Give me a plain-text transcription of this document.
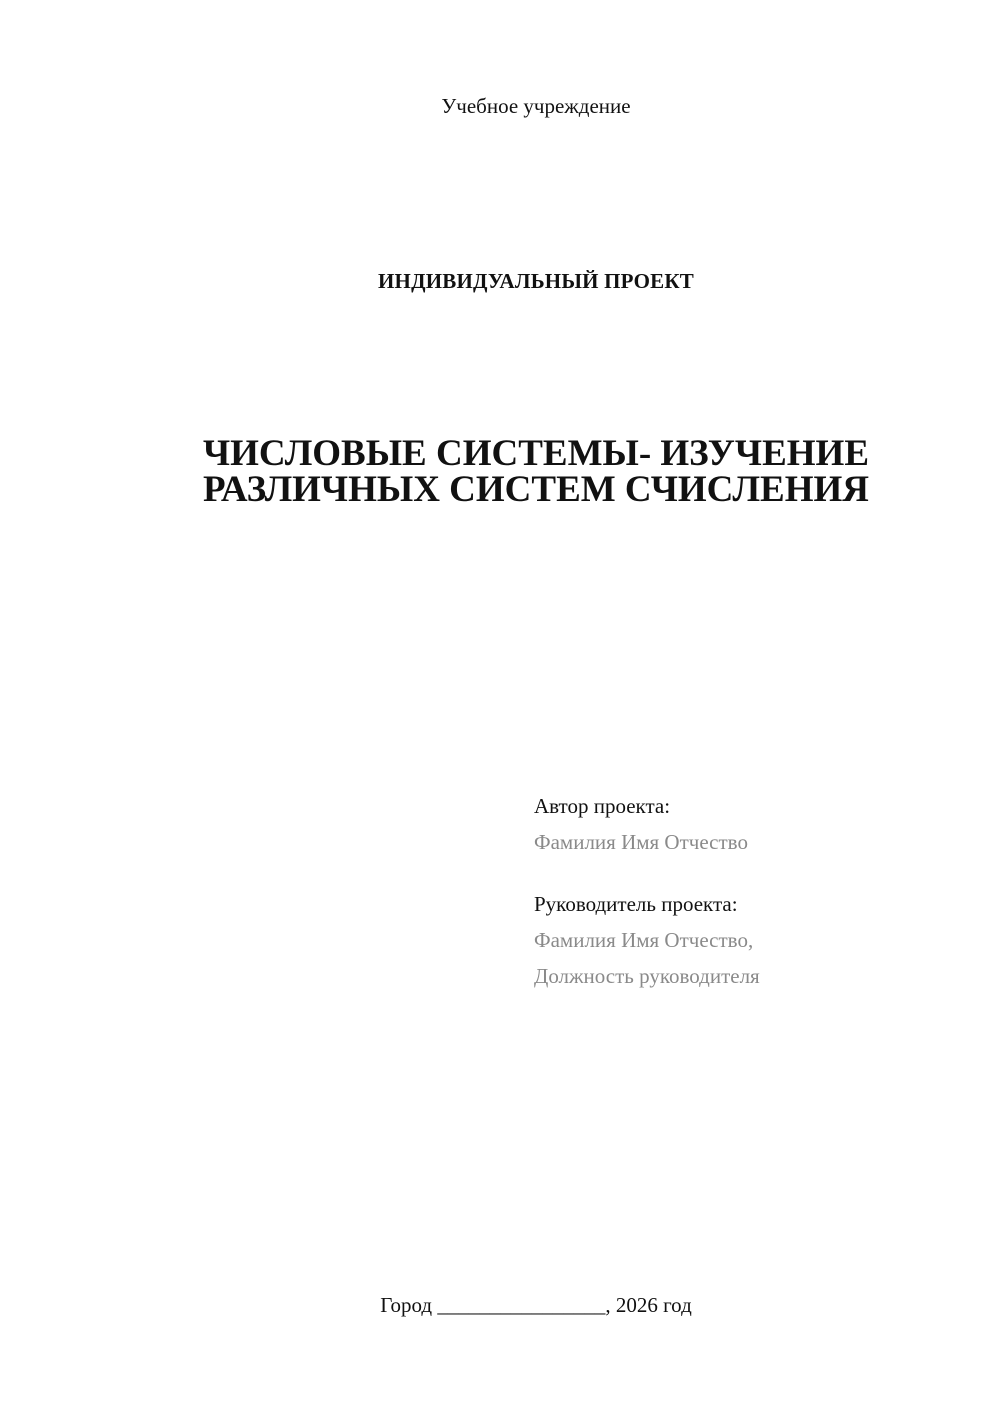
Учебное учреждение
ИНДИВИДУАЛЬНЫЙ ПРОЕКТ
ЧИСЛОВЫЕ СИСТЕМЫ- ИЗУЧЕНИЕ
РАЗЛИЧНЫХ СИСТЕМ СЧИСЛЕНИЯ
Автор проекта:
Фамилия Имя Отчество
Руководитель проекта:
Фамилия Имя Отчество,
Должность руководителя
Город ________________, 2026 год
